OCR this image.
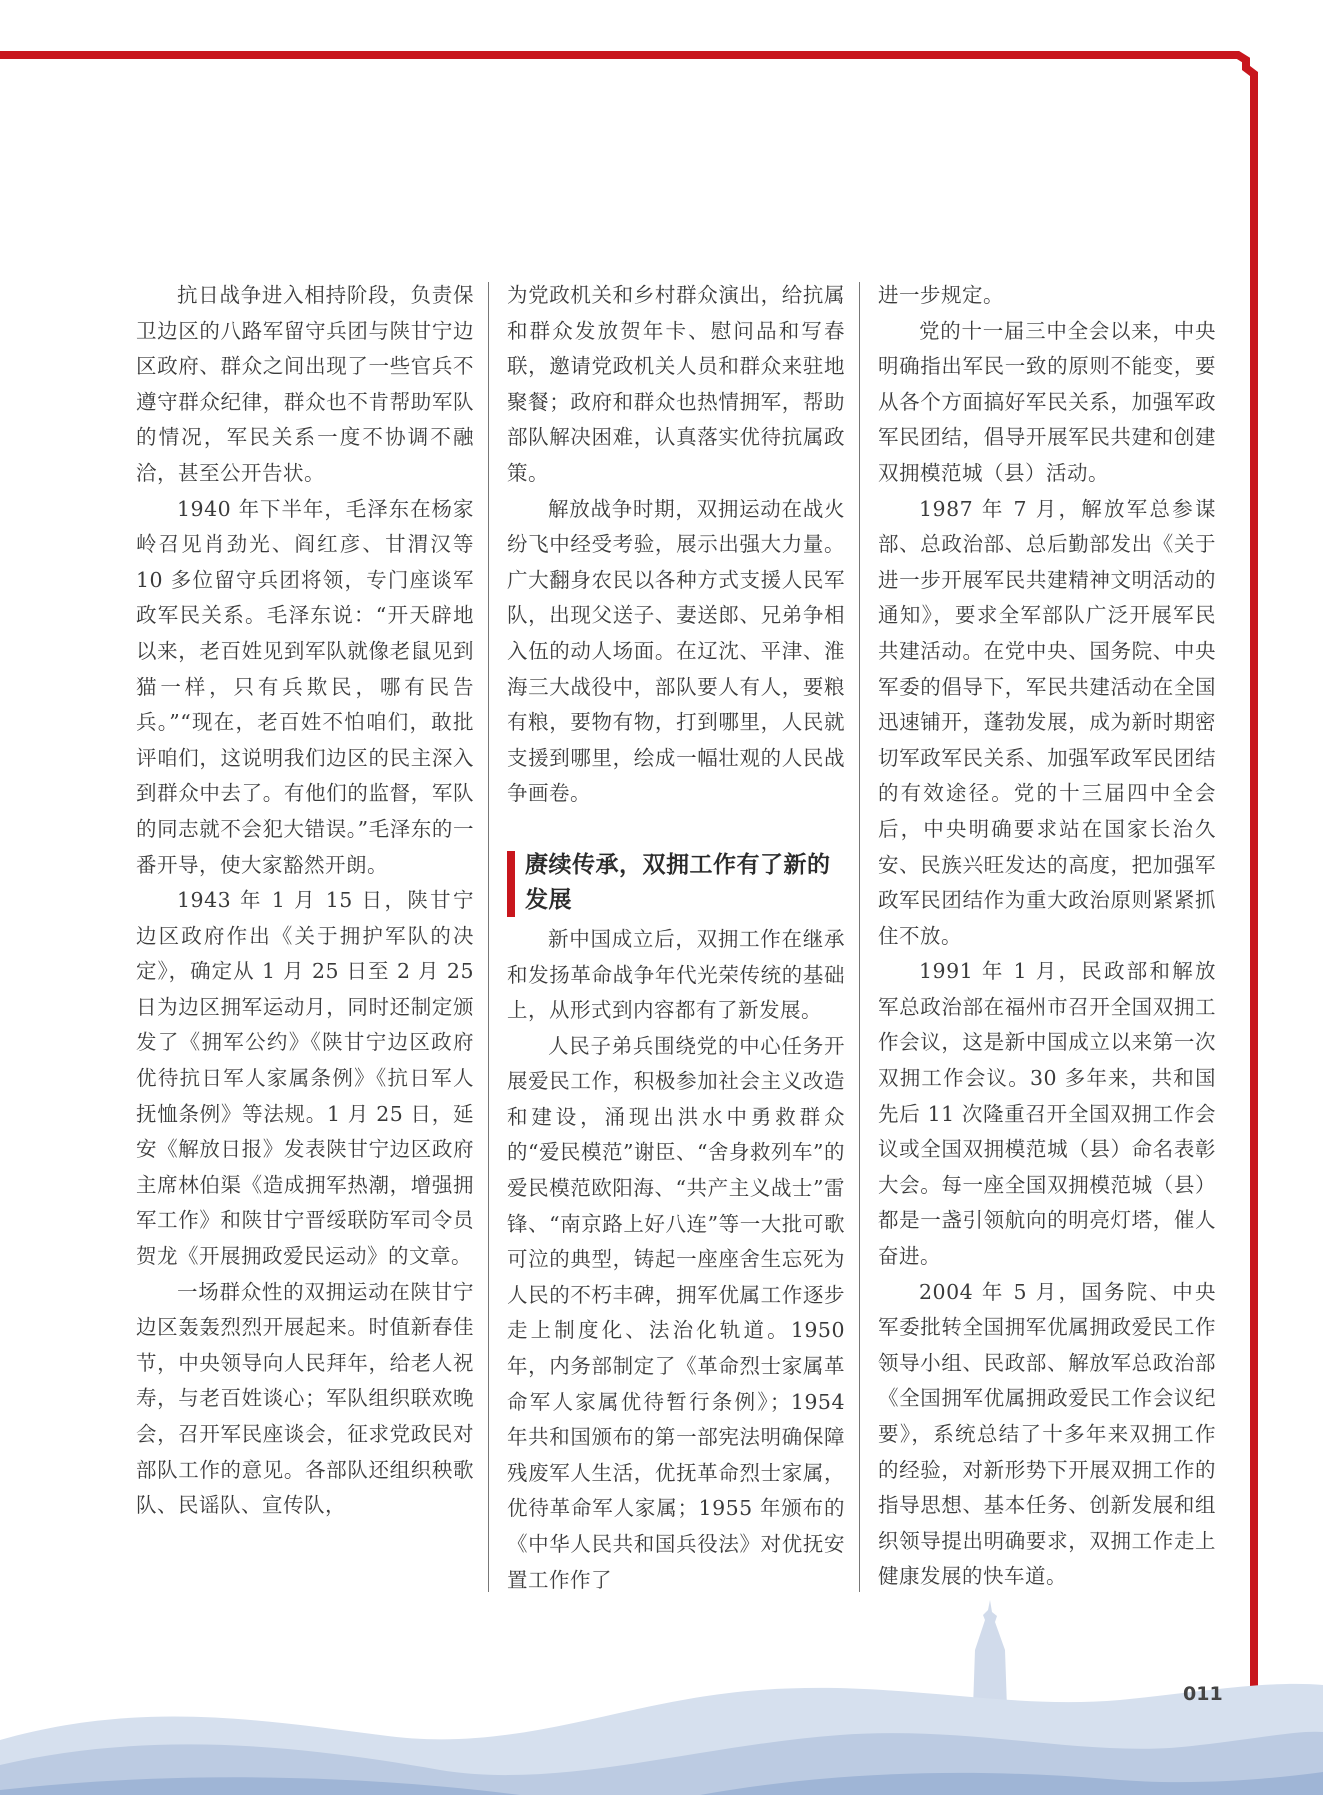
抗日战争进入相持阶段，负责保卫边区的八路军留守兵团与陕甘宁边区政府、群众之间出现了一些官兵不遵守群众纪律，群众也不肯帮助军队的情况，军民关系一度不协调不融洽，甚至公开告状。

1940 年下半年，毛泽东在杨家岭召见肖劲光、阎红彦、甘渭汉等 10 多位留守兵团将领，专门座谈军政军民关系。毛泽东说：“开天辟地以来，老百姓见到军队就像老鼠见到猫一样，只有兵欺民，哪有民告兵。”“现在，老百姓不怕咱们，敢批评咱们，这说明我们边区的民主深入到群众中去了。有他们的监督，军队的同志就不会犯大错误。”毛泽东的一番开导，使大家豁然开朗。

1943 年 1 月 15 日，陕甘宁边区政府作出《关于拥护军队的决定》，确定从 1 月 25 日至 2 月 25 日为边区拥军运动月，同时还制定颁发了《拥军公约》《陕甘宁边区政府优待抗日军人家属条例》《抗日军人抚恤条例》等法规。1 月 25 日，延安《解放日报》发表陕甘宁边区政府主席林伯渠《造成拥军热潮，增强拥军工作》和陕甘宁晋绥联防军司令员贺龙《开展拥政爱民运动》的文章。

一场群众性的双拥运动在陕甘宁边区轰轰烈烈开展起来。时值新春佳节，中央领导向人民拜年，给老人祝寿，与老百姓谈心；军队组织联欢晚会，召开军民座谈会，征求党政民对部队工作的意见。各部队还组织秧歌队、民谣队、宣传队，

为党政机关和乡村群众演出，给抗属和群众发放贺年卡、慰问品和写春联，邀请党政机关人员和群众来驻地聚餐；政府和群众也热情拥军，帮助部队解决困难，认真落实优待抗属政策。

解放战争时期，双拥运动在战火纷飞中经受考验，展示出强大力量。广大翻身农民以各种方式支援人民军队，出现父送子、妻送郎、兄弟争相入伍的动人场面。在辽沈、平津、淮海三大战役中，部队要人有人，要粮有粮，要物有物，打到哪里，人民就支援到哪里，绘成一幅壮观的人民战争画卷。

赓续传承，双拥工作有了新的发展

新中国成立后，双拥工作在继承和发扬革命战争年代光荣传统的基础上，从形式到内容都有了新发展。

人民子弟兵围绕党的中心任务开展爱民工作，积极参加社会主义改造和建设，涌现出洪水中勇救群众的“爱民模范”谢臣、“舍身救列车”的爱民模范欧阳海、“共产主义战士”雷锋、“南京路上好八连”等一大批可歌可泣的典型，铸起一座座舍生忘死为人民的不朽丰碑，拥军优属工作逐步走上制度化、法治化轨道。1950 年，内务部制定了《革命烈士家属革命军人家属优待暂行条例》；1954 年共和国颁布的第一部宪法明确保障残废军人生活，优抚革命烈士家属，优待革命军人家属；1955 年颁布的《中华人民共和国兵役法》对优抚安置工作作了

进一步规定。

党的十一届三中全会以来，中央明确指出军民一致的原则不能变，要从各个方面搞好军民关系，加强军政军民团结，倡导开展军民共建和创建双拥模范城（县）活动。

1987 年 7 月，解放军总参谋部、总政治部、总后勤部发出《关于进一步开展军民共建精神文明活动的通知》，要求全军部队广泛开展军民共建活动。在党中央、国务院、中央军委的倡导下，军民共建活动在全国迅速铺开，蓬勃发展，成为新时期密切军政军民关系、加强军政军民团结的有效途径。党的十三届四中全会后，中央明确要求站在国家长治久安、民族兴旺发达的高度，把加强军政军民团结作为重大政治原则紧紧抓住不放。

1991 年 1 月，民政部和解放军总政治部在福州市召开全国双拥工作会议，这是新中国成立以来第一次双拥工作会议。30 多年来，共和国先后 11 次隆重召开全国双拥工作会议或全国双拥模范城（县）命名表彰大会。每一座全国双拥模范城（县）都是一盏引领航向的明亮灯塔，催人奋进。

2004 年 5 月，国务院、中央军委批转全国拥军优属拥政爱民工作领导小组、民政部、解放军总政治部《全国拥军优属拥政爱民工作会议纪要》，系统总结了十多年来双拥工作的经验，对新形势下开展双拥工作的指导思想、基本任务、创新发展和组织领导提出明确要求，双拥工作走上健康发展的快车道。

011
